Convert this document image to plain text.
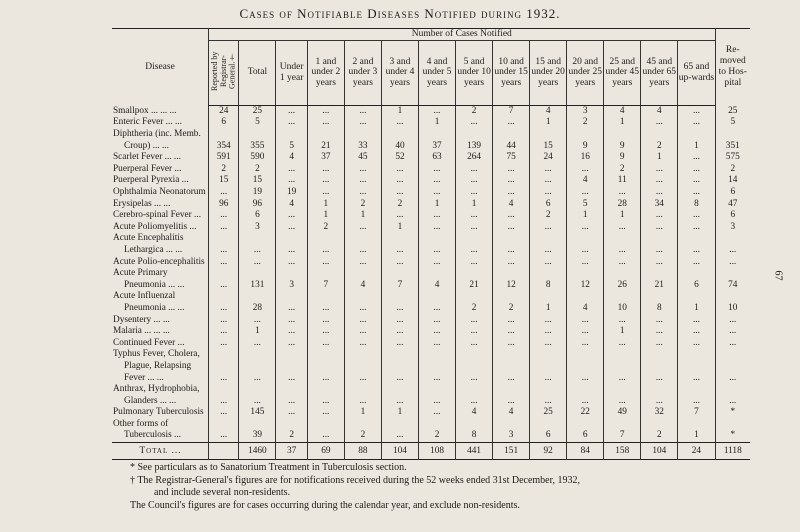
Cases of Notifiable Diseases Notified during 1932.
Disease	Number of Cases Notified														Re-moved to Hos-pital
	Reported by Registrar-General.†	Total	Under 1 year	1 and under 2 years	2 and under 3 years	3 and under 4 years	4 and under 5 years	5 and under 10 years	10 and under 15 years	15 and under 20 years	20 and under 25 years	25 and under 45 years	45 and under 65 years	65 and up-wards	
Smallpox ... ... ...	24	25	...	...	...	1	...	2	7	4	3	4	4	...	25
Enteric Fever ... ...	6	5	...	...	...	...	1	...	...	1	2	1	...	...	5
Diphtheria (inc. Memb.															
Croup) ... ...	354	355	5	21	33	40	37	139	44	15	9	9	2	1	351
Scarlet Fever ... ...	591	590	4	37	45	52	63	264	75	24	16	9	1	...	575
Puerperal Fever ...	2	2	...	...	...	...	...	...	...	...	...	2	...	...	2
Puerperal Pyrexia ...	15	15	...	...	...	...	...	...	...	...	4	11	...	...	14
Ophthalmia Neonatorum	...	19	19	...	...	...	...	...	...	...	...	...	...	...	6
Erysipelas ... ...	96	96	4	1	2	2	1	1	4	6	5	28	34	8	47
Cerebro-spinal Fever ...	...	6	...	1	1	...	...	...	...	2	1	1	...	...	6
Acute Poliomyelitis ...	...	3	...	2	...	1	...	...	...	...	...	...	...	...	3
Acute Encephalitis															
Lethargica ... ...	...	...	...	...	...	...	...	...	...	...	...	...	...	...	...
Acute Polio-encephalitis	...	...	...	...	...	...	...	...	...	...	...	...	...	...	...
Acute Primary															
Pneumonia ... ...	...	131	3	7	4	7	4	21	12	8	12	26	21	6	74
Acute Influenzal															
Pneumonia ... ...	...	28	...	...	...	...	...	2	2	1	4	10	8	1	10
Dysentery ... ...	...	...	...	...	...	...	...	...	...	...	...	...	...	...	...
Malaria ... ... ...	...	1	...	...	...	...	...	...	...	...	...	1	...	...	...
Continued Fever ...	...	...	...	...	...	...	...	...	...	...	...	...	...	...	...
Typhus Fever, Cholera,															
Plague, Relapsing															
Fever ... ...	...	...	...	...	...	...	...	...	...	...	...	...	...	...	...
Anthrax, Hydrophobia,															
Glanders ... ...	...	...	...	...	...	...	...	...	...	...	...	...	...	...	...
Pulmonary Tuberculosis	...	145	...	...	1	1	...	4	4	25	22	49	32	7	*
Other forms of															
Tuberculosis ...	...	39	2	...	2	...	2	8	3	6	6	7	2	1	*
Total ...		1460	37	69	88	104	108	441	151	92	84	158	104	24	1118

* See particulars as to Sanatorium Treatment in Tuberculosis section.

† The Registrar-General's figures are for notifications received during the 52 weeks ended 31st December, 1932,

and include several non-residents.

The Council's figures are for cases occurring during the calendar year, and exclude non-residents.

67
